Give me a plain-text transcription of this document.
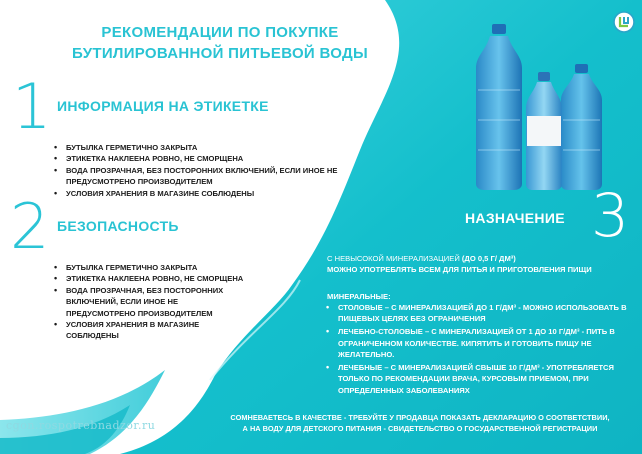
РЕКОМЕНДАЦИИ ПО ПОКУПКЕ
БУТИЛИРОВАННОЙ ПИТЬЕВОЙ ВОДЫ
1 ИНФОРМАЦИЯ НА ЭТИКЕТКЕ
• БУТЫЛКА ГЕРМЕТИЧНО ЗАКРЫТА
• ЭТИКЕТКА НАКЛЕЕНА РОВНО, НЕ СМОРЩЕНА
• ВОДА ПРОЗРАЧНАЯ, БЕЗ ПОСТОРОННИХ ВКЛЮЧЕНИЙ, ЕСЛИ ИНОЕ НЕ ПРЕДУСМОТРЕНО ПРОИЗВОДИТЕЛЕМ
• УСЛОВИЯ ХРАНЕНИЯ В МАГАЗИНЕ СОБЛЮДЕНЫ
2 БЕЗОПАСНОСТЬ
• БУТЫЛКА ГЕРМЕТИЧНО ЗАКРЫТА
• ЭТИКЕТКА НАКЛЕЕНА РОВНО, НЕ СМОРЩЕНА
• ВОДА ПРОЗРАЧНАЯ, БЕЗ ПОСТОРОННИХ ВКЛЮЧЕНИЙ, ЕСЛИ ИНОЕ НЕ ПРЕДУСМОТРЕНО ПРОИЗВОДИТЕЛЕМ
• УСЛОВИЯ ХРАНЕНИЯ В МАГАЗИНЕ СОБЛЮДЕНЫ
НАЗНАЧЕНИЕ 3
С НЕВЫСОКОЙ МИНЕРАЛИЗАЦИЕЙ (ДО 0,5 Г/ ДМ³)
МОЖНО УПОТРЕБЛЯТЬ ВСЕМ ДЛЯ ПИТЬЯ И ПРИГОТОВЛЕНИЯ ПИЩИ
МИНЕРАЛЬНЫЕ:
• СТОЛОВЫЕ – С МИНЕРАЛИЗАЦИЕЙ ДО 1 Г/ДМ³ - МОЖНО ИСПОЛЬЗОВАТЬ В ПИЩЕВЫХ ЦЕЛЯХ БЕЗ ОГРАНИЧЕНИЯ
• ЛЕЧЕБНО-СТОЛОВЫЕ – С МИНЕРАЛИЗАЦИЕЙ ОТ 1 ДО 10 Г/ДМ³ - ПИТЬ В ОГРАНИЧЕННОМ КОЛИЧЕСТВЕ. КИПЯТИТЬ И ГОТОВИТЬ ПИЩУ НЕ ЖЕЛАТЕЛЬНО.
• ЛЕЧЕБНЫЕ – С МИНЕРАЛИЗАЦИЕЙ СВЫШЕ 10 Г/ДМ³ - УПОТРЕБЛЯЕТСЯ ТОЛЬКО ПО РЕКОМЕНДАЦИИ ВРАЧА, КУРСОВЫМ ПРИЕМОМ, ПРИ ОПРЕДЕЛЕННЫХ ЗАБОЛЕВАНИЯХ
СОМНЕВАЕТЕСЬ В КАЧЕСТВЕ - ТРЕБУЙТЕ У ПРОДАВЦА ПОКАЗАТЬ ДЕКЛАРАЦИЮ О СООТВЕТСТВИИ,
А НА ВОДУ ДЛЯ ДЕТСКОГО ПИТАНИЯ - СВИДЕТЕЛЬСТВО О ГОСУДАРСТВЕННОЙ РЕГИСТРАЦИИ
cgon.rospotrebnadzor.ru
